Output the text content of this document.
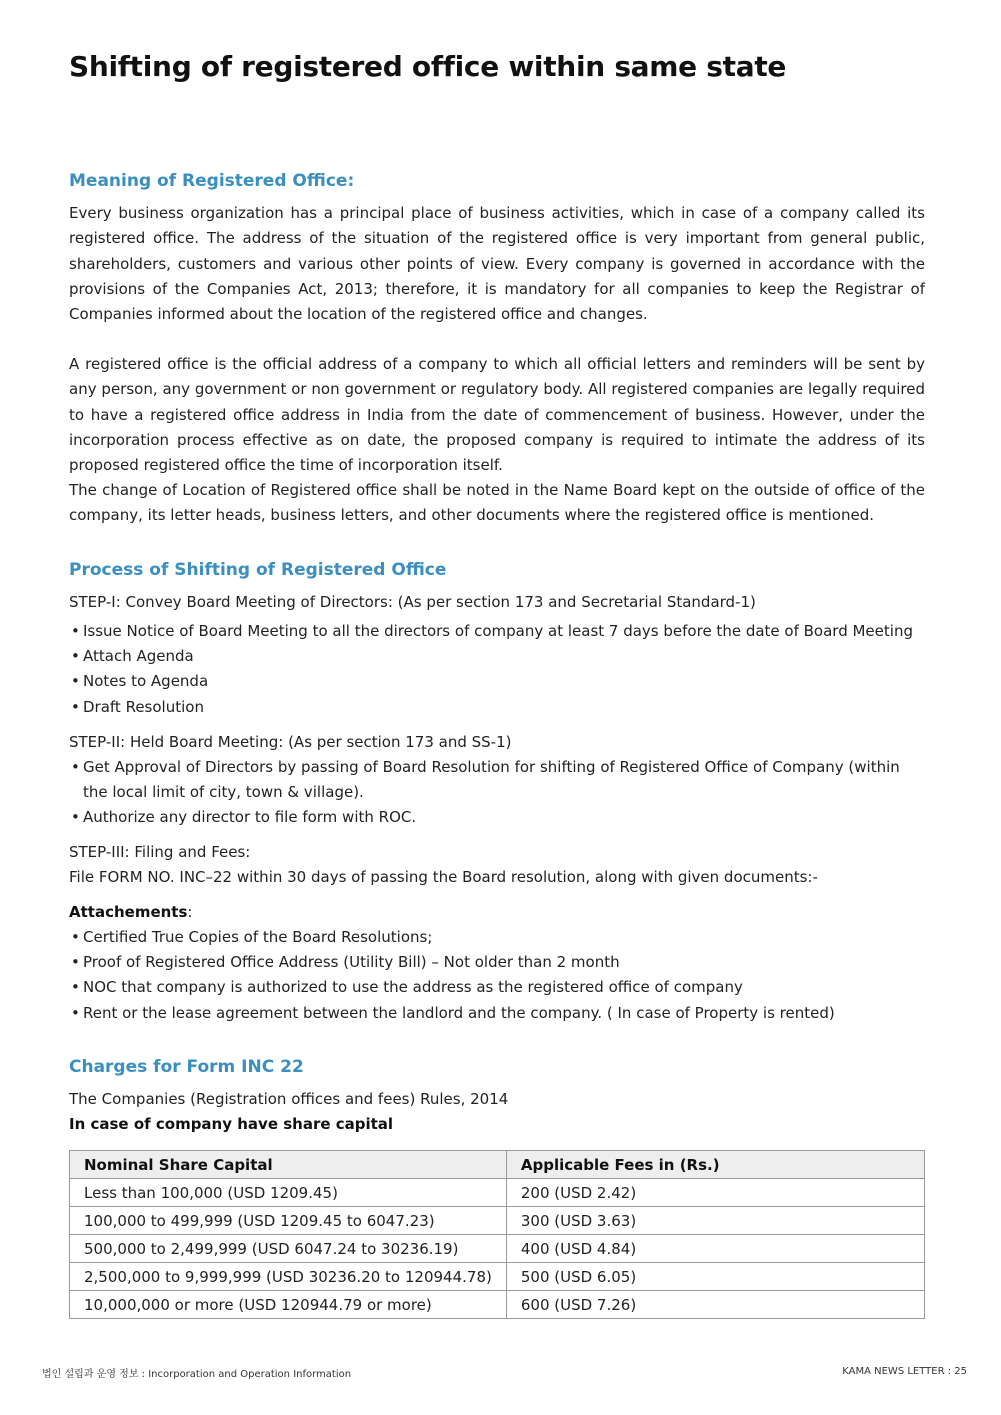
Shifting of registered office within same state
Meaning of Registered Office:

Every business organization has a principal place of business activities, which in case of a company called its registered office. The address of the situation of the registered office is very important from general public, shareholders, customers and various other points of view. Every company is governed in accordance with the provisions of the Companies Act, 2013; therefore, it is mandatory for all companies to keep the Registrar of Companies informed about the location of the registered office and changes.

A registered office is the official address of a company to which all official letters and reminders will be sent by any person, any government or non government or regulatory body. All registered companies are legally required to have a registered office address in India from the date of commencement of business. However, under the incorporation process effective as on date, the proposed company is required to intimate the address of its proposed registered office the time of incorporation itself.

The change of Location of Registered office shall be noted in the Name Board kept on the outside of office of the company, its letter heads, business letters, and other documents where the registered office is mentioned.

Process of Shifting of Registered Office
STEP-I: Convey Board Meeting of Directors: (As per section 173 and Secretarial Standard-1)
• Issue Notice of Board Meeting to all the directors of company at least 7 days before the date of Board Meeting
• Attach Agenda
• Notes to Agenda
• Draft Resolution
STEP-II: Held Board Meeting: (As per section 173 and SS-1)
• Get Approval of Directors by passing of Board Resolution for shifting of Registered Office of Company (within the local limit of city, town & village).
• Authorize any director to file form with ROC.
STEP-III: Filing and Fees:
File FORM NO. INC–22 within 30 days of passing the Board resolution, along with given documents:-
Attachements:
• Certified True Copies of the Board Resolutions;
• Proof of Registered Office Address (Utility Bill) – Not older than 2 month
• NOC that company is authorized to use the address as the registered office of company
• Rent or the lease agreement between the landlord and the company. ( In case of Property is rented)
Charges for Form INC 22
The Companies (Registration offices and fees) Rules, 2014
In case of company have share capital
Nominal Share Capital	Applicable Fees in (Rs.)
Less than 100,000 (USD 1209.45)	200 (USD 2.42)
100,000 to 499,999 (USD 1209.45 to 6047.23)	300 (USD 3.63)
500,000 to 2,499,999 (USD 6047.24 to 30236.19)	400 (USD 4.84)
2,500,000 to 9,999,999 (USD 30236.20 to 120944.78)	500 (USD 6.05)
10,000,000 or more (USD 120944.79 or more)	600 (USD 7.26)
법인 설립과 운영 정보 : Incorporation and Operation Information	KAMA NEWS LETTER : 25
